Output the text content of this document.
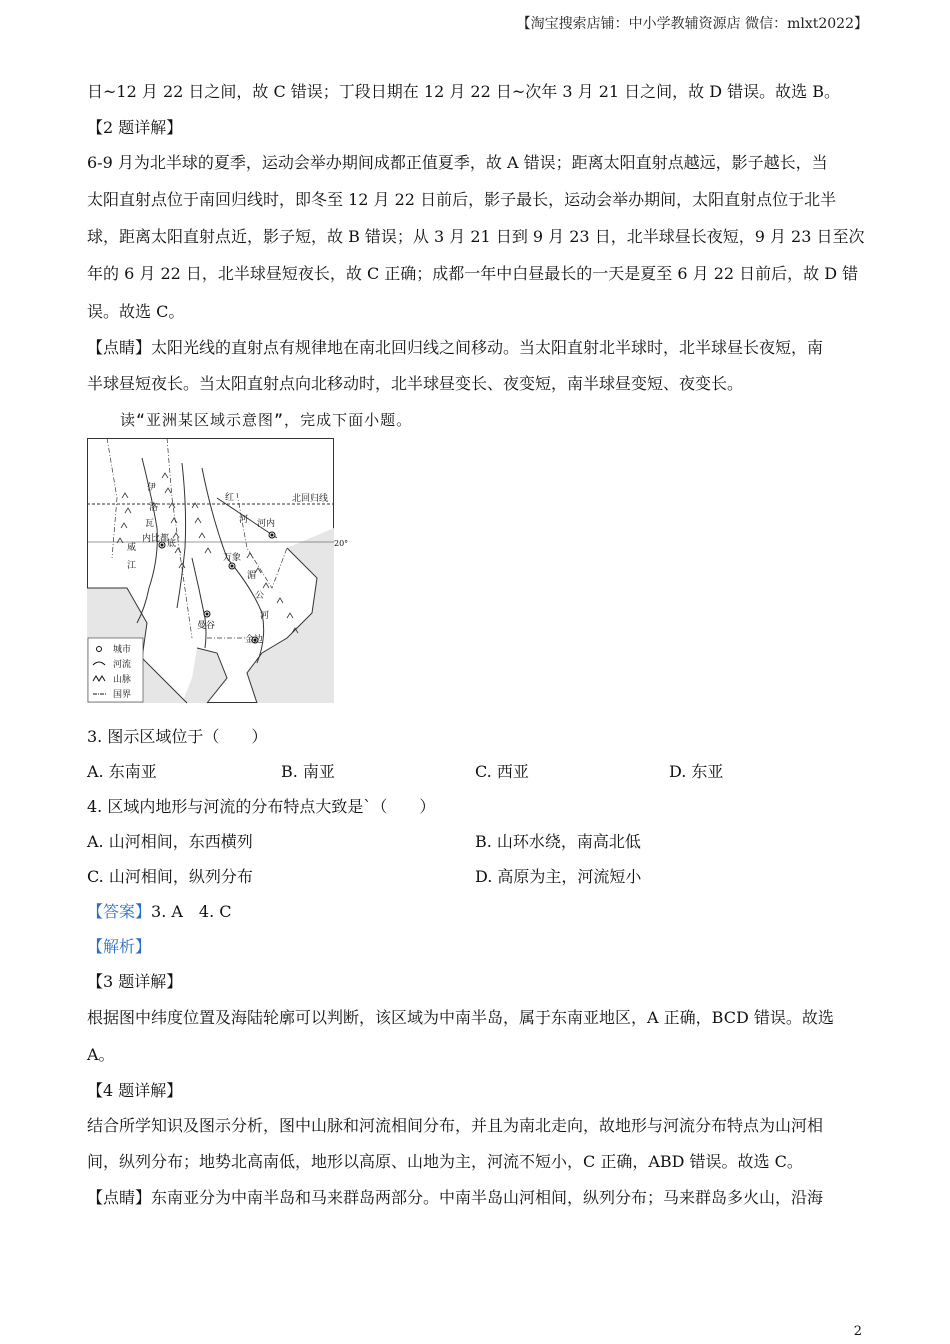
【淘宝搜索店铺：中小学教辅资源店 微信：mlxt2022】
日~12 月 22 日之间，故 C 错误；丁段日期在 12 月 22 日~次年 3 月 21 日之间，故 D 错误。故选 B。
【2 题详解】
6-9 月为北半球的夏季，运动会举办期间成都正值夏季，故 A 错误；距离太阳直射点越远，影子越长，当
太阳直射点位于南回归线时，即冬至 12 月 22 日前后，影子最长，运动会举办期间，太阳直射点位于北半
球，距离太阳直射点近，影子短，故 B 错误；从 3 月 21 日到 9 月 23 日，北半球昼长夜短，9 月 23 日至次
年的 6 月 22 日，北半球昼短夜长，故 C 正确；成都一年中白昼最长的一天是夏至 6 月 22 日前后，故 D 错
误。故选 C。
【点睛】太阳光线的直射点有规律地在南北回归线之间移动。当太阳直射北半球时，北半球昼长夜短，南
半球昼短夜长。当太阳直射点向北移动时，北半球昼变长、夜变短，南半球昼变短、夜变长。
读“亚洲某区域示意图”，完成下面小题。
北回归线
20°
河内
万象
曼谷
金边
内比都
伊
洛
瓦
底
威
江
红
河
湄
公
河
城市
河流
山脉
国界
3. 图示区域位于（　　）
A. 东南亚	B. 南亚	C. 西亚	D. 东亚
4. 区域内地形与河流的分布特点大致是`（　　）
A. 山河相间，东西横列	B. 山环水绕，南高北低
C. 山河相间，纵列分布	D. 高原为主，河流短小
【答案】3. A　4. C
【解析】
【3 题详解】
根据图中纬度位置及海陆轮廓可以判断，该区域为中南半岛，属于东南亚地区，A 正确，BCD 错误。故选
A。
【4 题详解】
结合所学知识及图示分析，图中山脉和河流相间分布，并且为南北走向，故地形与河流分布特点为山河相
间，纵列分布；地势北高南低，地形以高原、山地为主，河流不短小，C 正确，ABD 错误。故选 C。
【点睛】东南亚分为中南半岛和马来群岛两部分。中南半岛山河相间，纵列分布；马来群岛多火山，沿海
2
